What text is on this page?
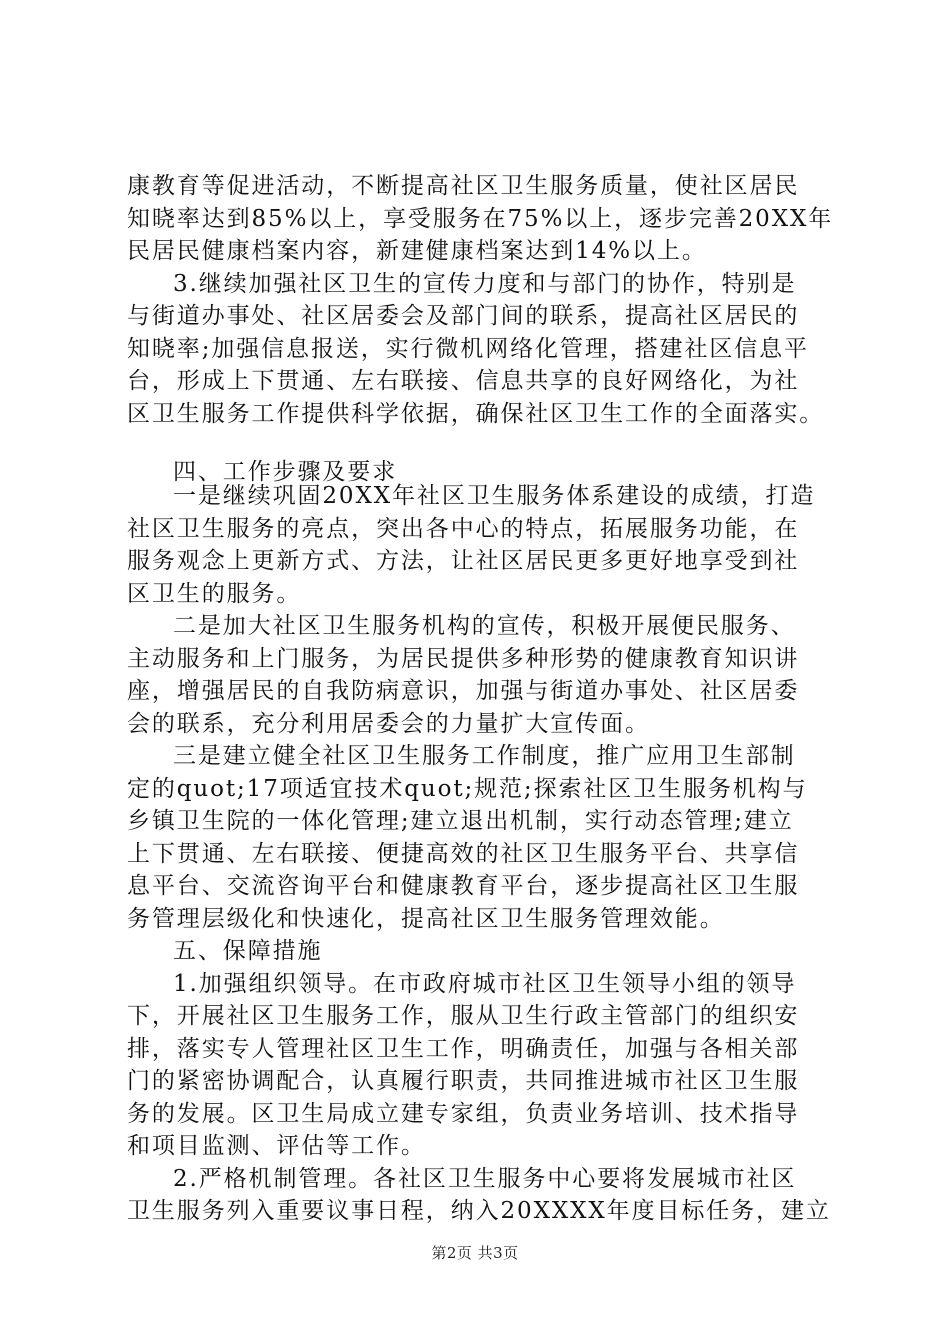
康教育等促进活动，不断提高社区卫生服务质量，使社区居民
知晓率达到85%以上，享受服务在75%以上，逐步完善20XX年
民居民健康档案内容，新建健康档案达到14%以上。
3.继续加强社区卫生的宣传力度和与部门的协作，特别是
与街道办事处、社区居委会及部门间的联系，提高社区居民的
知晓率;加强信息报送，实行微机网络化管理，搭建社区信息平
台，形成上下贯通、左右联接、信息共享的良好网络化，为社
区卫生服务工作提供科学依据，确保社区卫生工作的全面落实。
四、工作步骤及要求
一是继续巩固20XX年社区卫生服务体系建设的成绩，打造
社区卫生服务的亮点，突出各中心的特点，拓展服务功能，在
服务观念上更新方式、方法，让社区居民更多更好地享受到社
区卫生的服务。
二是加大社区卫生服务机构的宣传，积极开展便民服务、
主动服务和上门服务，为居民提供多种形势的健康教育知识讲
座，增强居民的自我防病意识，加强与街道办事处、社区居委
会的联系，充分利用居委会的力量扩大宣传面。
三是建立健全社区卫生服务工作制度，推广应用卫生部制
定的quot;17项适宜技术quot;规范;探索社区卫生服务机构与
乡镇卫生院的一体化管理;建立退出机制，实行动态管理;建立
上下贯通、左右联接、便捷高效的社区卫生服务平台、共享信
息平台、交流咨询平台和健康教育平台，逐步提高社区卫生服
务管理层级化和快速化，提高社区卫生服务管理效能。
五、保障措施
1.加强组织领导。在市政府城市社区卫生领导小组的领导
下，开展社区卫生服务工作，服从卫生行政主管部门的组织安
排，落实专人管理社区卫生工作，明确责任，加强与各相关部
门的紧密协调配合，认真履行职责，共同推进城市社区卫生服
务的发展。区卫生局成立建专家组，负责业务培训、技术指导
和项目监测、评估等工作。
2.严格机制管理。各社区卫生服务中心要将发展城市社区
卫生服务列入重要议事日程，纳入20XXXX年度目标任务，建立
第2页 共3页
